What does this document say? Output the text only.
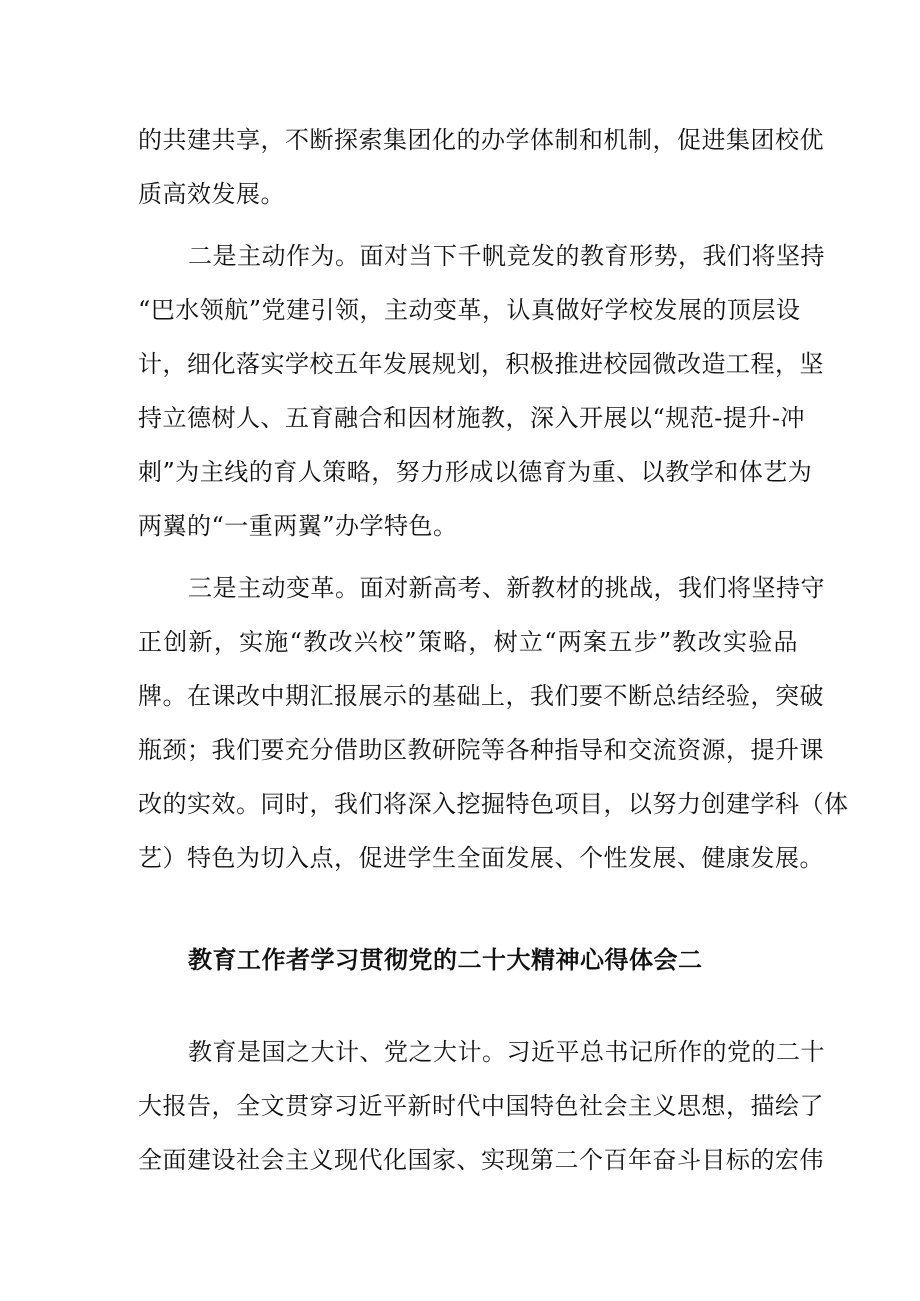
的共建共享，不断探索集团化的办学体制和机制，促进集团校优
质高效发展。
二是主动作为。面对当下千帆竞发的教育形势，我们将坚持
“巴水领航”党建引领，主动变革，认真做好学校发展的顶层设
计，细化落实学校五年发展规划，积极推进校园微改造工程，坚
持立德树人、五育融合和因材施教，深入开展以“规范-提升-冲
刺”为主线的育人策略，努力形成以德育为重、以教学和体艺为
两翼的“一重两翼”办学特色。
三是主动变革。面对新高考、新教材的挑战，我们将坚持守
正创新，实施“教改兴校”策略，树立“两案五步”教改实验品
牌。在课改中期汇报展示的基础上，我们要不断总结经验，突破
瓶颈；我们要充分借助区教研院等各种指导和交流资源，提升课
改的实效。同时，我们将深入挖掘特色项目，以努力创建学科（体
艺）特色为切入点，促进学生全面发展、个性发展、健康发展。
教育工作者学习贯彻党的二十大精神心得体会二
教育是国之大计、党之大计。习近平总书记所作的党的二十
大报告，全文贯穿习近平新时代中国特色社会主义思想，描绘了
全面建设社会主义现代化国家、实现第二个百年奋斗目标的宏伟
